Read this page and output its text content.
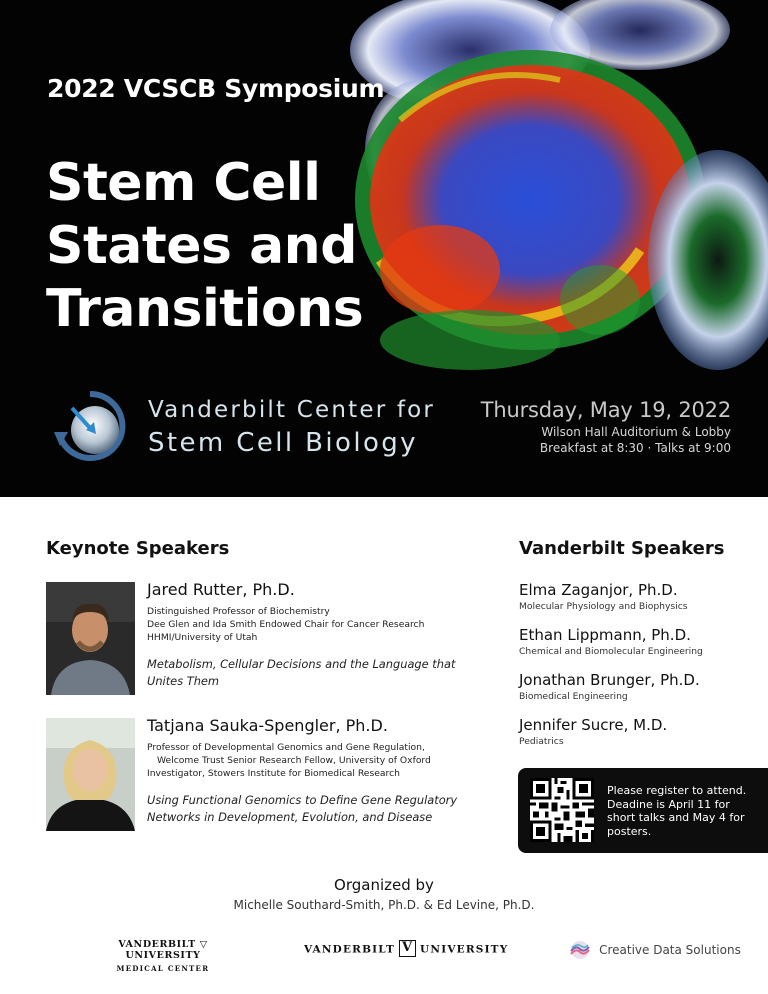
2022 VCSCB Symposium
Stem Cell
States and
Transitions
Vanderbilt Center for
Stem Cell Biology
Thursday, May 19, 2022
Wilson Hall Auditorium & Lobby
Breakfast at 8:30 · Talks at 9:00
Keynote Speakers
Jared Rutter, Ph.D.
Distinguished Professor of Biochemistry
Dee Glen and Ida Smith Endowed Chair for Cancer Research
HHMI/University of Utah
Metabolism, Cellular Decisions and the Language that Unites Them
Tatjana Sauka-Spengler, Ph.D.
Professor of Developmental Genomics and Gene Regulation,
Welcome Trust Senior Research Fellow, University of Oxford
Investigator, Stowers Institute for Biomedical Research
Using Functional Genomics to Define Gene Regulatory Networks in Development, Evolution, and Disease
Vanderbilt Speakers
Elma Zaganjor, Ph.D.
Molecular Physiology and Biophysics
Ethan Lippmann, Ph.D.
Chemical and Biomolecular Engineering
Jonathan Brunger, Ph.D.
Biomedical Engineering
Jennifer Sucre, M.D.
Pediatrics
Please register to attend. Deadine is April 11 for short talks and May 4 for posters.
Organized by
Michelle Southard-Smith, Ph.D. & Ed Levine, Ph.D.
VANDERBILT ▽ UNIVERSITY
MEDICAL CENTER
VANDERBILTV UNIVERSITY	Creative Data Solutions
